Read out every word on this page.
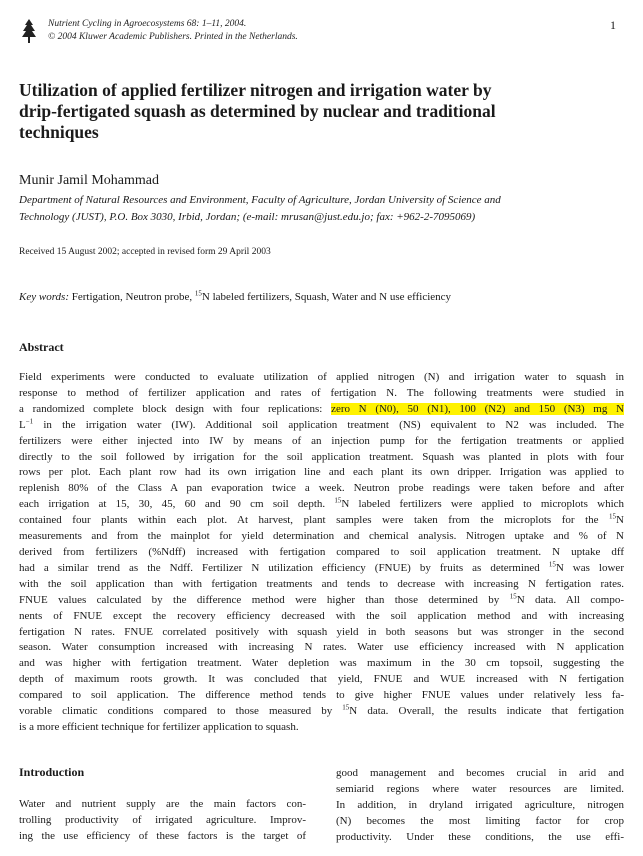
Nutrient Cycling in Agroecosystems 68: 1–11, 2004.
© 2004 Kluwer Academic Publishers. Printed in the Netherlands.
1
Utilization of applied fertilizer nitrogen and irrigation water by
drip-fertigated squash as determined by nuclear and traditional
techniques
Munir Jamil Mohammad
Department of Natural Resources and Environment, Faculty of Agriculture, Jordan University of Science and
Technology (JUST), P.O. Box 3030, Irbid, Jordan; (e-mail: mrusan@just.edu.jo; fax: +962-2-7095069)
Received 15 August 2002; accepted in revised form 29 April 2003
Key words: Fertigation, Neutron probe, $^{15}$N labeled fertilizers, Squash, Water and N use efficiency
Abstract
Field experiments were conducted to evaluate utilization of applied nitrogen (N) and irrigation water to squash in
response to method of fertilizer application and rates of fertigation N. The following treatments were studied in
a randomized complete block design with four replications: zero N (N0), 50 (N1), 100 (N2) and 150 (N3) mg N
$L^{-1}$ in the irrigation water (IW). Additional soil application treatment (NS) equivalent to N2 was included. The
fertilizers were either injected into IW by means of an injection pump for the fertigation treatments or applied
directly to the soil followed by irrigation for the soil application treatment. Squash was planted in plots with four
rows per plot. Each plant row had its own irrigation line and each plant its own dripper. Irrigation was applied to
replenish 80% of the Class A pan evaporation twice a week. Neutron probe readings were taken before and after
each irrigation at 15, 30, 45, 60 and 90 cm soil depth. $^{15}$N labeled fertilizers were applied to microplots which
contained four plants within each plot. At harvest, plant samples were taken from the microplots for the $^{15}$N
measurements and from the mainplot for yield determination and chemical analysis. Nitrogen uptake and % of N
derived from fertilizers (%Ndff) increased with fertigation compared to soil application treatment. N uptake dff
had a similar trend as the Ndff. Fertilizer N utilization efficiency (FNUE) by fruits as determined $^{15}$N was lower
with the soil application than with fertigation treatments and tends to decrease with increasing N fertigation rates.
FNUE values calculated by the difference method were higher than those determined by $^{15}$N data. All compo-
nents of FNUE except the recovery efficiency decreased with the soil application method and with increasing
fertigation N rates. FNUE correlated positively with squash yield in both seasons but was stronger in the second
season. Water consumption increased with increasing N rates. Water use efficiency increased with N application
and was higher with fertigation treatment. Water depletion was maximum in the 30 cm topsoil, suggesting the
depth of maximum roots growth. It was concluded that yield, FNUE and WUE increased with N fertigation
compared to soil application. The difference method tends to give higher FNUE values under relatively less fa-
vorable climatic conditions compared to those measured by $^{15}$N data. Overall, the results indicate that fertigation
is a more efficient technique for fertilizer application to squash.
Introduction
Water and nutrient supply are the main factors con-
trolling productivity of irrigated agriculture. Improv-
ing the use efficiency of these factors is the target of
good management and becomes crucial in arid and
semiarid regions where water resources are limited.
In addition, in dryland irrigated agriculture, nitrogen
(N) becomes the most limiting factor for crop
productivity. Under these conditions, the use effi-
